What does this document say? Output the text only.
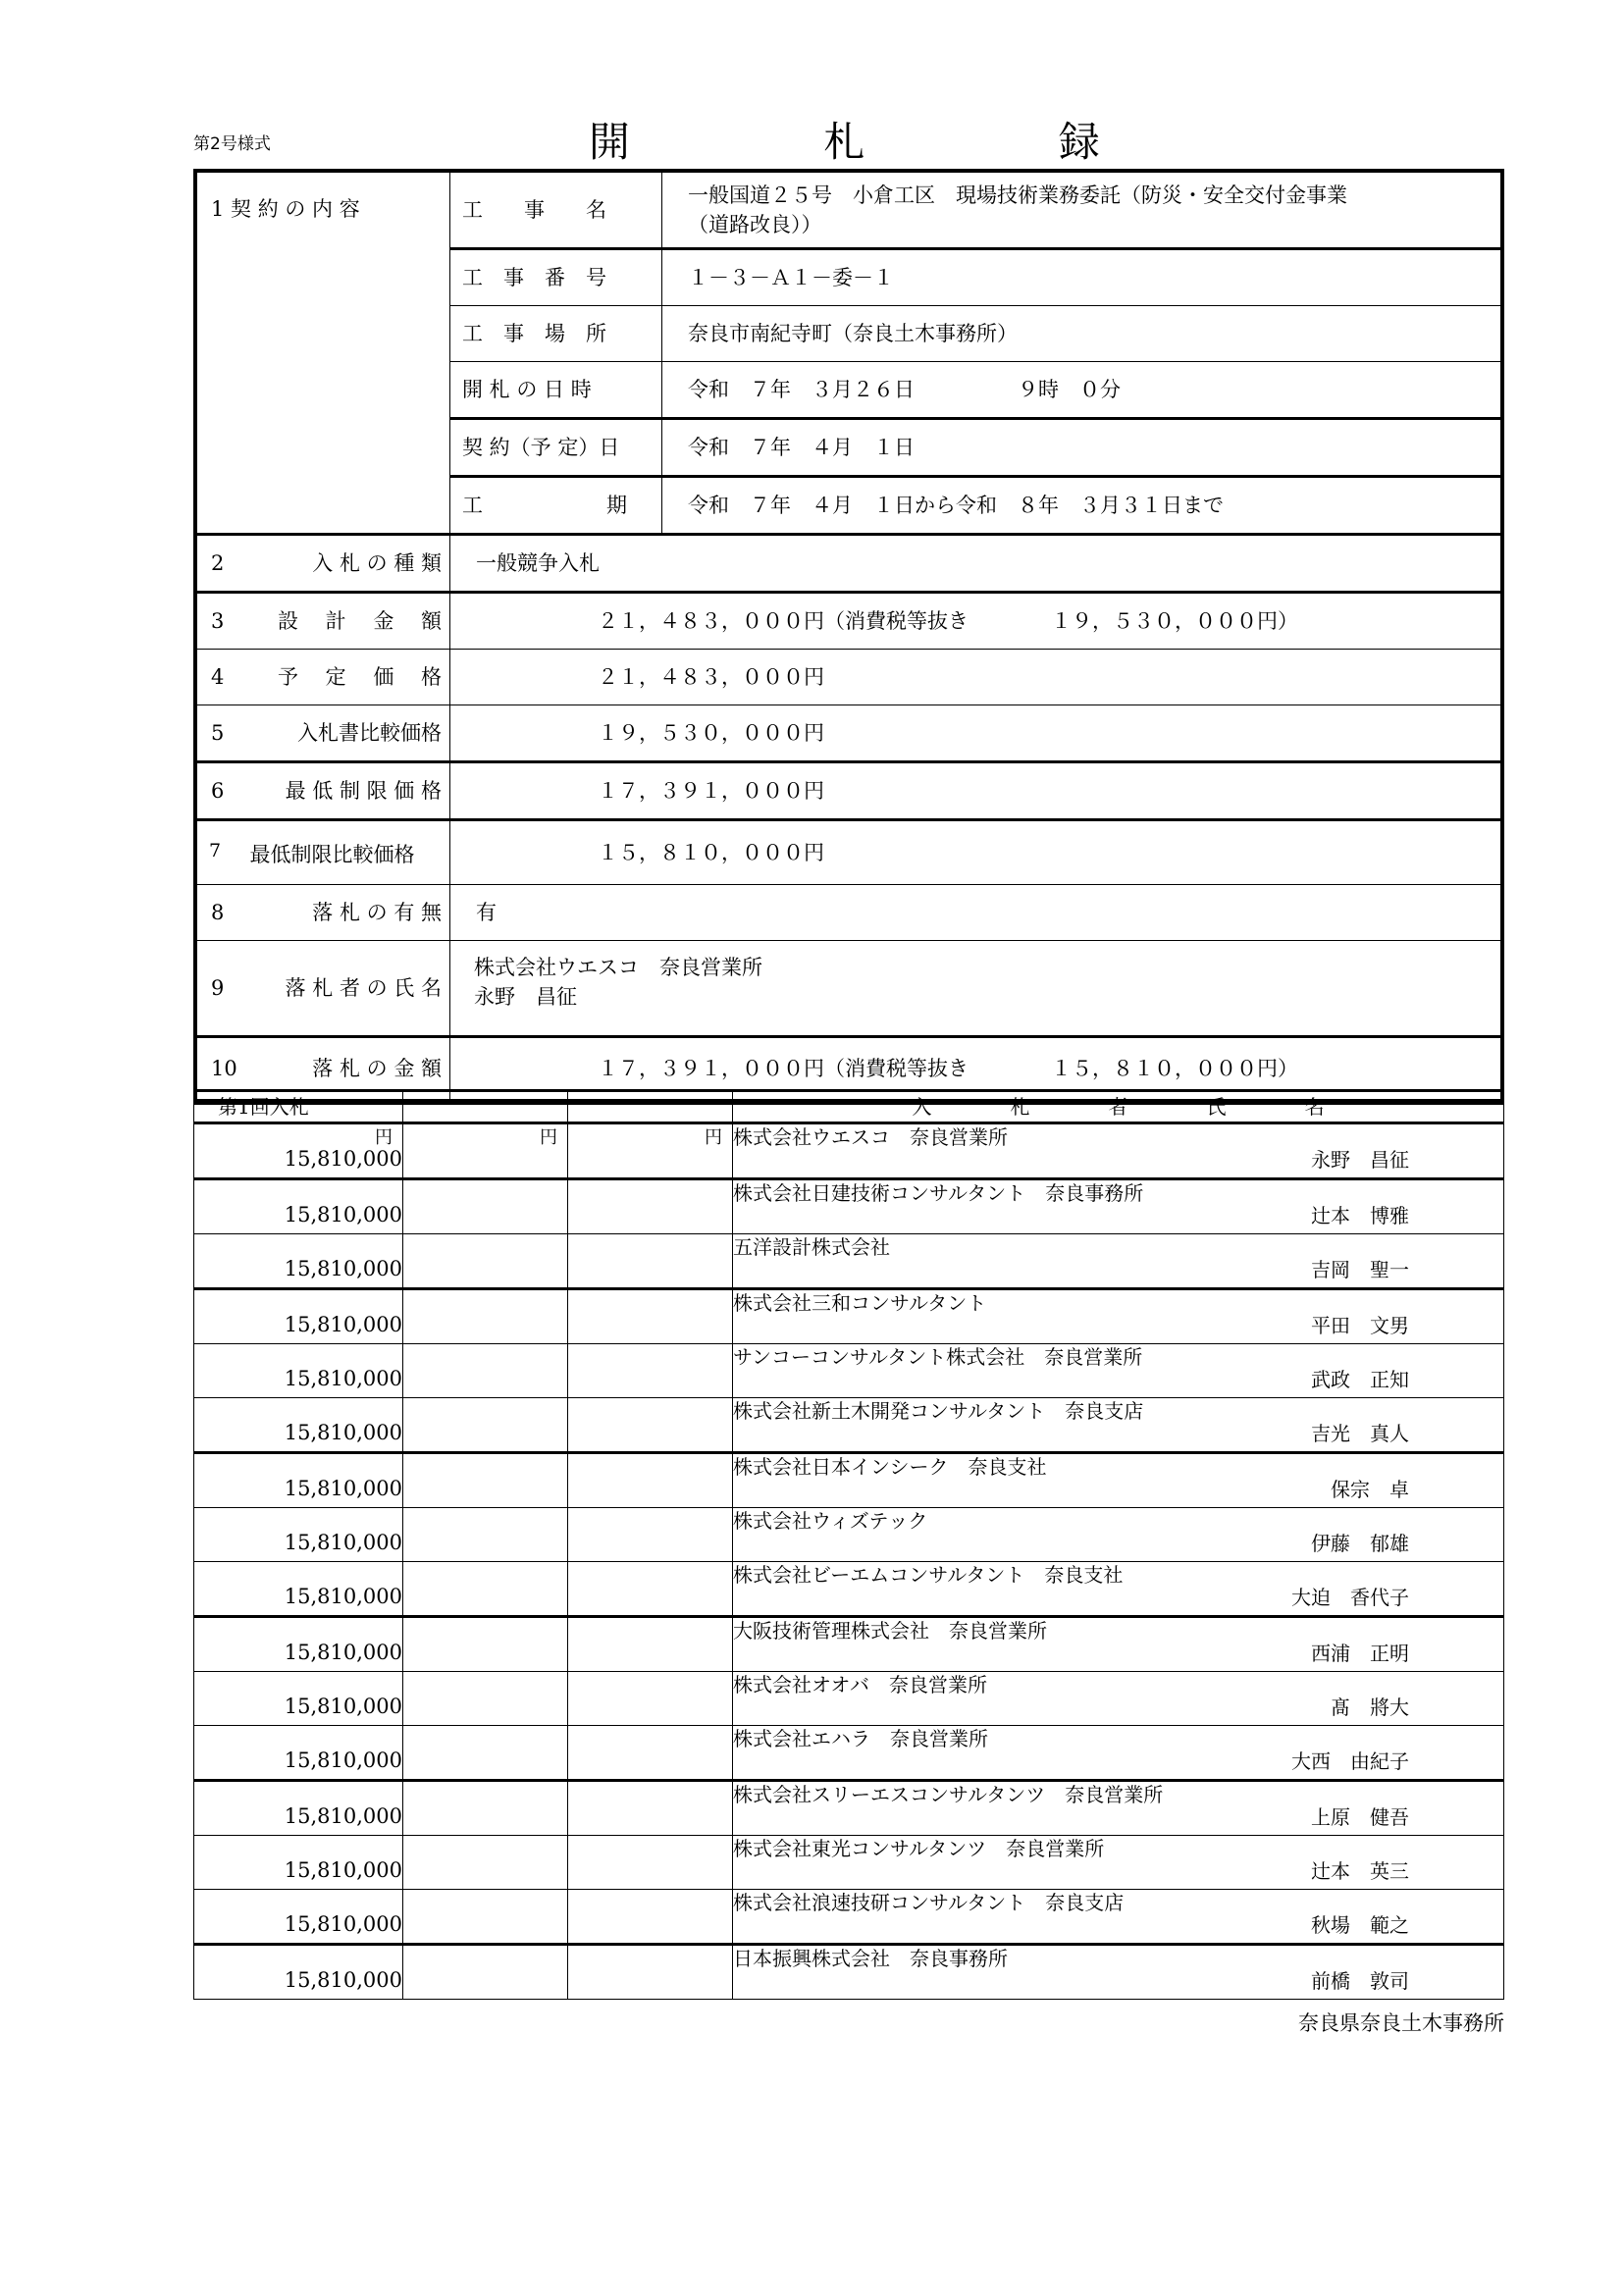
第2号様式	開　　札　　録
1 契 約 の 内 容	工　　事　　名	一般国道２５号　小倉工区　現場技術業務委託（防災・安全交付金事業
（道路改良））

	工　事　番　号	１－３－Ａ１－委－１
	工　事　場　所	奈良市南紀寺町（奈良土木事務所）
	開 札 の 日 時	令和　７年　３月２６日　　　　　９時　０分
	契 約（予 定）日	令和　７年　４月　１日
	工　　　　　　期	令和　７年　４月　１日から令和　８年　３月３１日まで

2 入 札 の 種 類	一般競争入札	

3 設 　計 　金 　額	２１，４８３，０００円（消費税等抜き　　　　１９，５３０，０００円）	

4 予 　定 　価 　格	２１，４８３，０００円	

5 入札書比較価格	１９，５３０，０００円	

6 最 低 制 限 価 格	１７，３９１，０００円	

7 最低制限比較価格	１５，８１０，０００円	

8 落 札 の 有 無	有	

9	落 札 者 の 氏 名

株式会社ウエスコ　奈良営業所
永野　昌征

10 落 札 の 金 額	１７，３９１，０００円（消費税等抜き　　　　１５，８１０，０００円）	
第1回入札			入　　　　札　　　　者　　　　氏　　　　名

円
15,810,000	円	円	株式会社ウエスコ　奈良営業所
永野　昌征

15,810,000			株式会社日建技術コンサルタント　奈良事務所
辻本　博雅

15,810,000			五洋設計株式会社
吉岡　聖一

15,810,000			株式会社三和コンサルタント
平田　文男

15,810,000			サンコーコンサルタント株式会社　奈良営業所
武政　正知

15,810,000			株式会社新土木開発コンサルタント　奈良支店
吉光　真人

15,810,000			株式会社日本インシーク　奈良支社
保宗　卓

15,810,000			株式会社ウィズテック
伊藤　郁雄

15,810,000			株式会社ビーエムコンサルタント　奈良支社
大迫　香代子

15,810,000			大阪技術管理株式会社　奈良営業所
西浦　正明

15,810,000			株式会社オオバ　奈良営業所
髙　將大

15,810,000			株式会社エハラ　奈良営業所
大西　由紀子

15,810,000			株式会社スリーエスコンサルタンツ　奈良営業所
上原　健吾

15,810,000			株式会社東光コンサルタンツ　奈良営業所
辻本　英三

15,810,000			株式会社浪速技研コンサルタント　奈良支店
秋場　範之

15,810,000			日本振興株式会社　奈良事務所
前橋　敦司
奈良県奈良土木事務所
